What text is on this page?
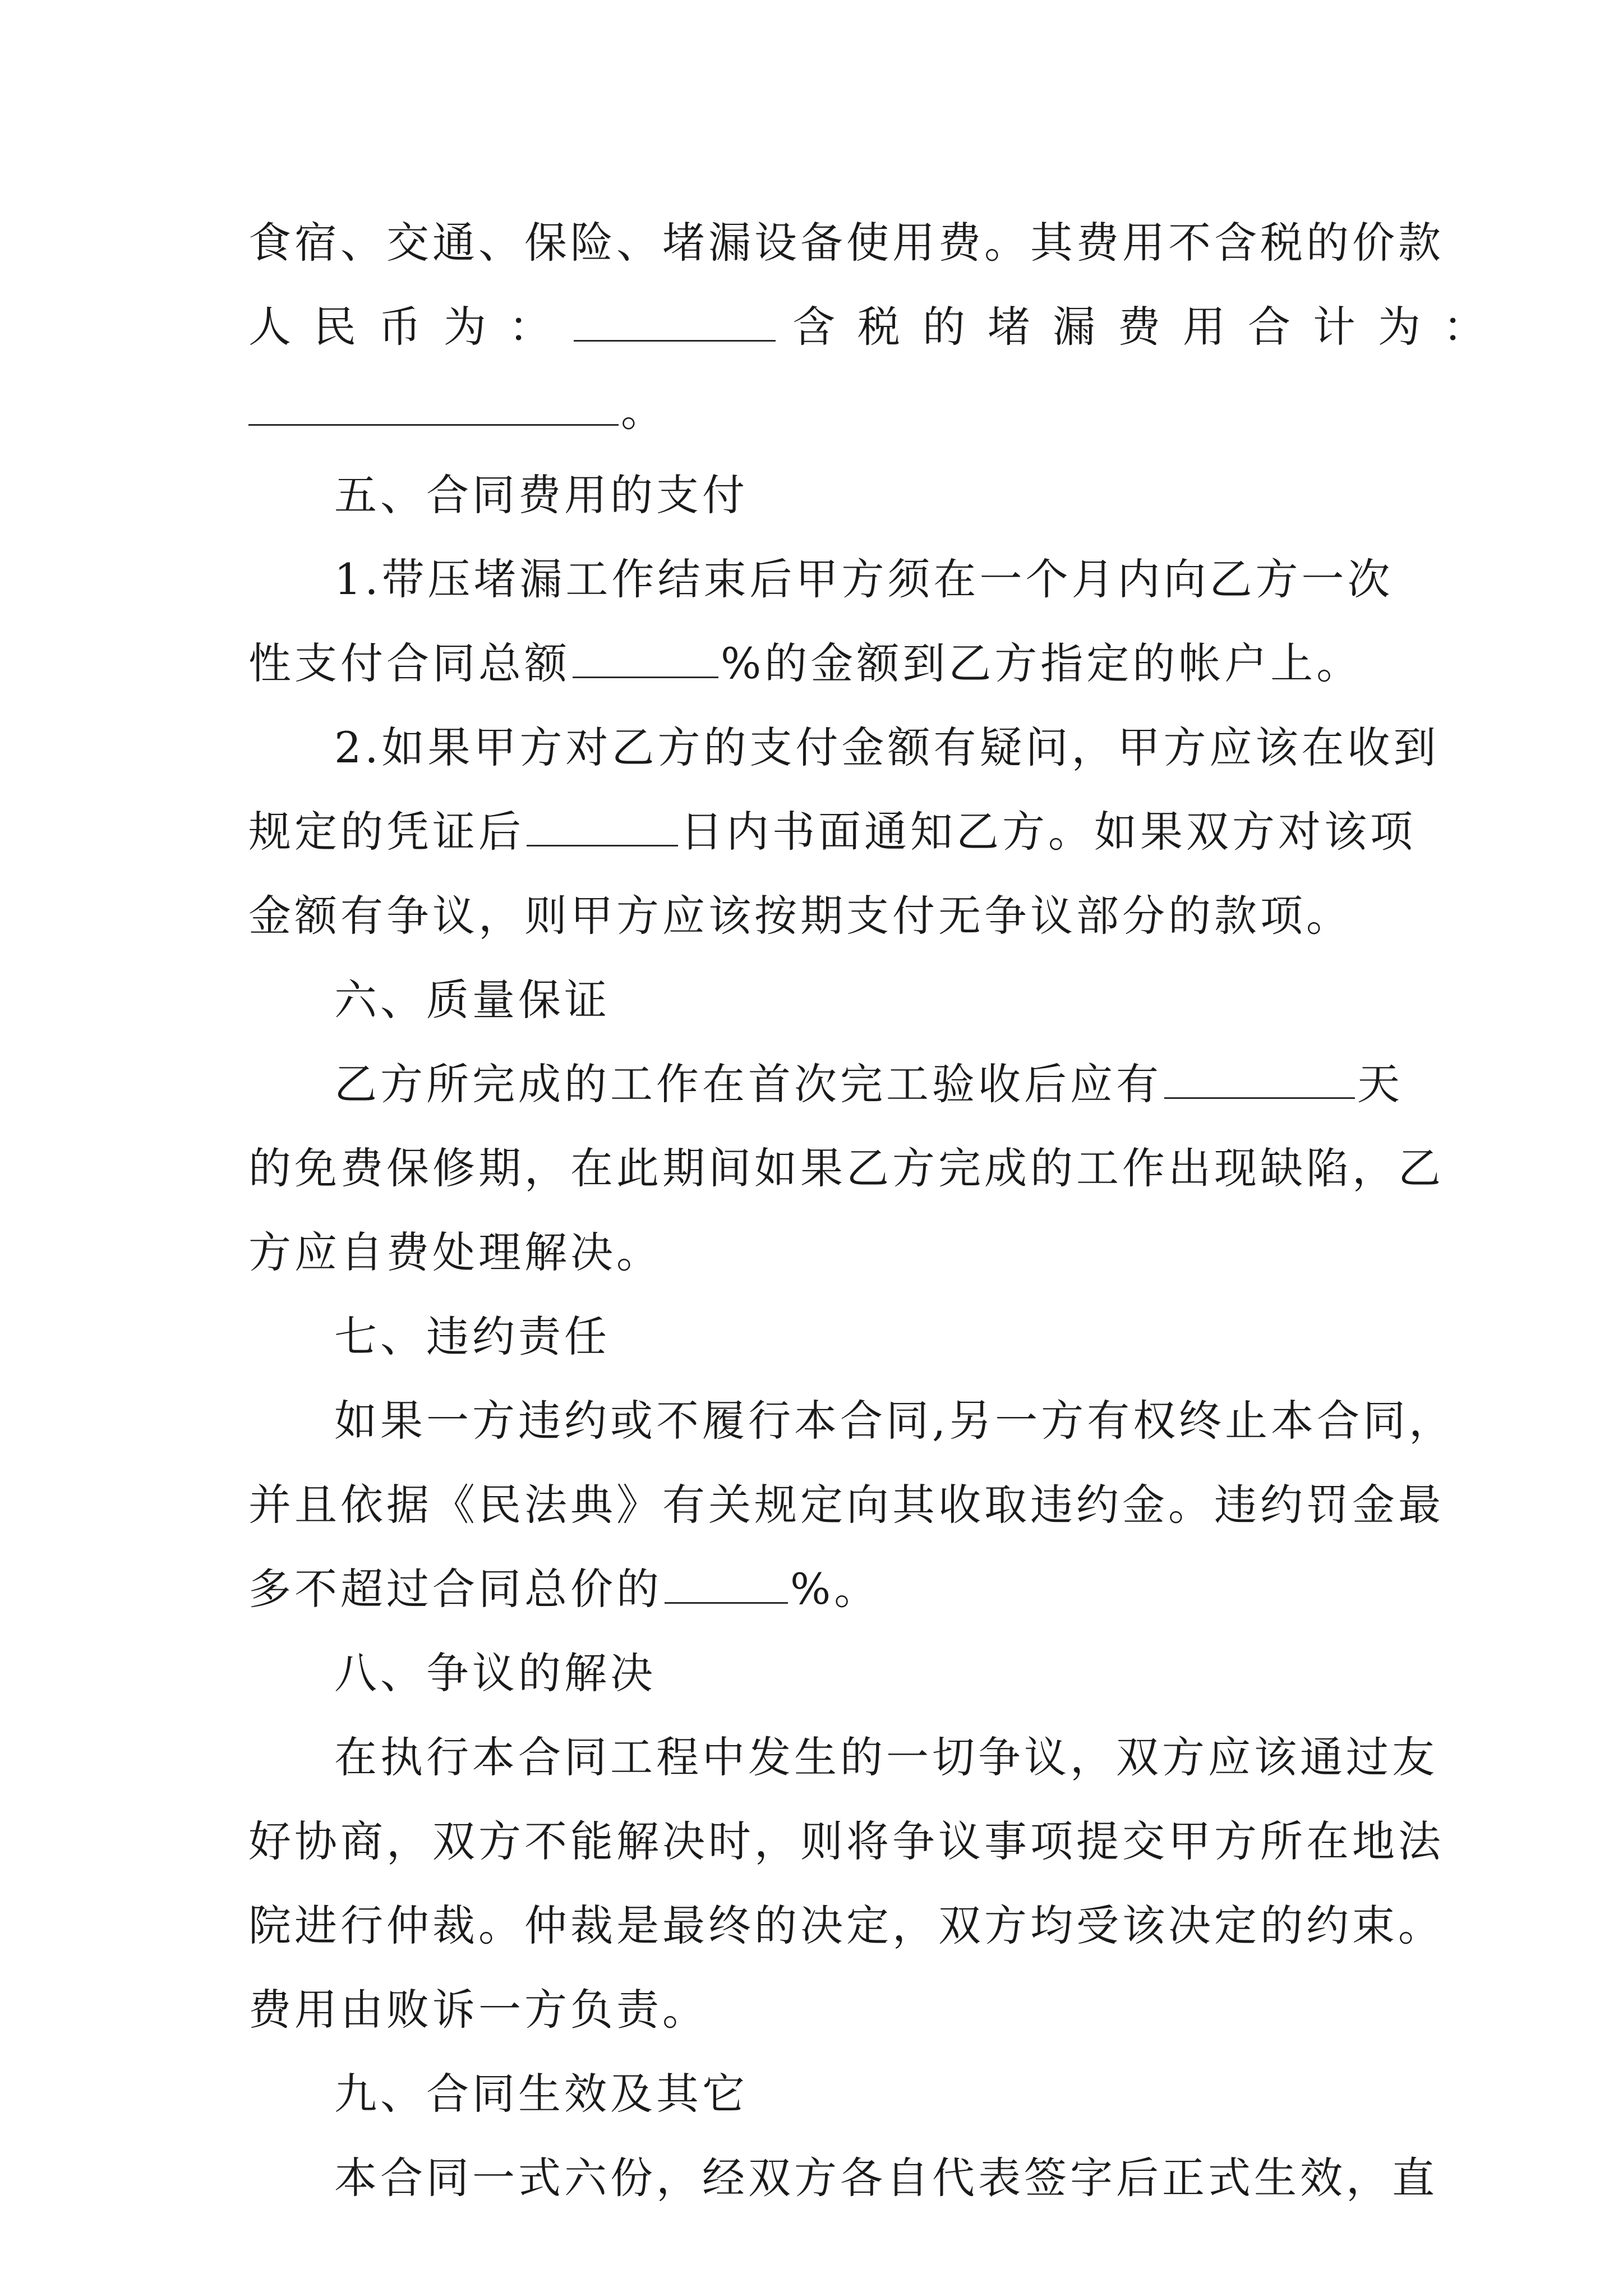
食宿、交通、保险、堵漏设备使用费。其费用不含税的价款
人民币为：	含税的堵漏费用合计为：
。
五、合同费用的支付
1.带压堵漏工作结束后甲方须在一个月内向乙方一次
性支付合同总额	%的金额到乙方指定的帐户上。
2.如果甲方对乙方的支付金额有疑问，甲方应该在收到
规定的凭证后	日内书面通知乙方。如果双方对该项
金额有争议，则甲方应该按期支付无争议部分的款项。
六、质量保证
乙方所完成的工作在首次完工验收后应有	天
的免费保修期，在此期间如果乙方完成的工作出现缺陷，乙
方应自费处理解决。
七、违约责任
如果一方违约或不履行本合同,另一方有权终止本合同，
并且依据《民法典》有关规定向其收取违约金。违约罚金最
多不超过合同总价的	%。
八、争议的解决
在执行本合同工程中发生的一切争议，双方应该通过友
好协商，双方不能解决时，则将争议事项提交甲方所在地法
院进行仲裁。仲裁是最终的决定，双方均受该决定的约束。
费用由败诉一方负责。
九、合同生效及其它
本合同一式六份，经双方各自代表签字后正式生效，直
